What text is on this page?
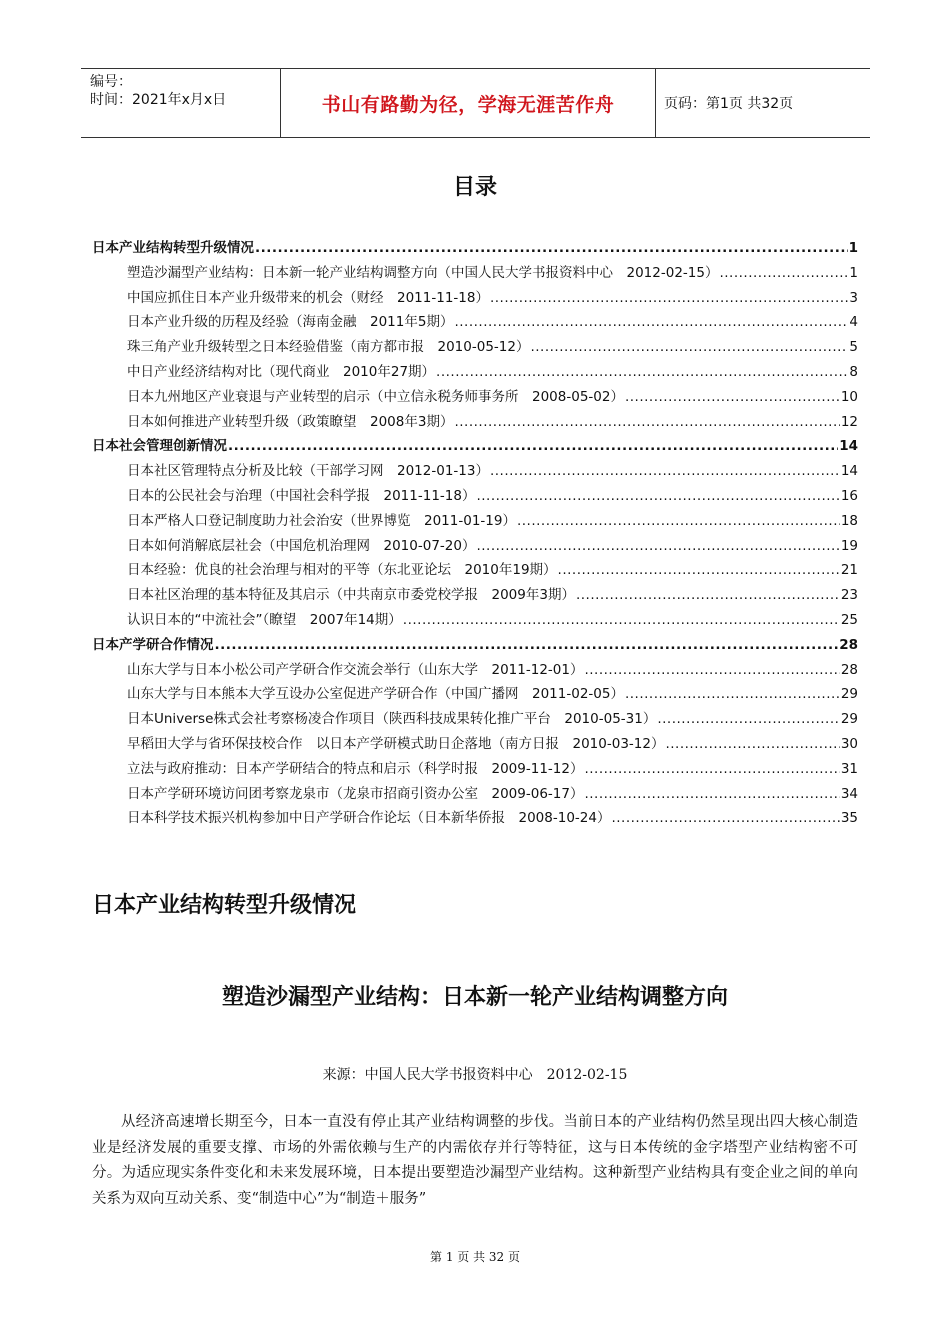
编号：
时间：2021年x月x日	书山有路勤为径，学海无涯苦作舟	页码：第1页 共32页
目录
日本产业结构转型升级情况 .....	1
塑造沙漏型产业结构：日本新一轮产业结构调整方向（中国人民大学书报资料中心　2012-02-15） .....	1
中国应抓住日本产业升级带来的机会（财经　2011-11-18） .....	3
日本产业升级的历程及经验（海南金融　2011年5期） .....	4
珠三角产业升级转型之日本经验借鉴（南方都市报　2010-05-12） .....	5
中日产业经济结构对比（现代商业　2010年27期） .....	8
日本九州地区产业衰退与产业转型的启示（中立信永税务师事务所　2008-05-02） .....	10
日本如何推进产业转型升级（政策瞭望　2008年3期） .....	12
日本社会管理创新情况 .....	14
日本社区管理特点分析及比较（干部学习网　2012-01-13） .....	14
日本的公民社会与治理（中国社会科学报　2011-11-18） .....	16
日本严格人口登记制度助力社会治安（世界博览　2011-01-19） .....	18
日本如何消解底层社会（中国危机治理网　2010-07-20） .....	19
日本经验：优良的社会治理与相对的平等（东北亚论坛　2010年19期） .....	21
日本社区治理的基本特征及其启示（中共南京市委党校学报　2009年3期） .....	23
认识日本的“中流社会”（瞭望　2007年14期） .....	25
日本产学研合作情况 .....	28
山东大学与日本小松公司产学研合作交流会举行（山东大学　2011-12-01） .....	28
山东大学与日本熊本大学互设办公室促进产学研合作（中国广播网　2011-02-05） .....	29
日本Universe株式会社考察杨凌合作项目（陕西科技成果转化推广平台　2010-05-31） .....	29
早稻田大学与省环保技校合作　以日本产学研模式助日企落地（南方日报　2010-03-12） .....	30
立法与政府推动：日本产学研结合的特点和启示（科学时报　2009-11-12） .....	31
日本产学研环境访问团考察龙泉市（龙泉市招商引资办公室　2009-06-17） .....	34
日本科学技术振兴机构参加中日产学研合作论坛（日本新华侨报　2008-10-24） .....	35
日本产业结构转型升级情况
塑造沙漏型产业结构：日本新一轮产业结构调整方向
来源：中国人民大学书报资料中心　2012-02-15

从经济高速增长期至今，日本一直没有停止其产业结构调整的步伐。当前日本的产业结构仍然呈现出四大核心制造业是经济发展的重要支撑、市场的外需依赖与生产的内需依存并行等特征，这与日本传统的金字塔型产业结构密不可分。为适应现实条件变化和未来发展环境，日本提出要塑造沙漏型产业结构。这种新型产业结构具有变企业之间的单向关系为双向互动关系、变“制造中心”为“制造＋服务”

第 1 页 共 32 页
